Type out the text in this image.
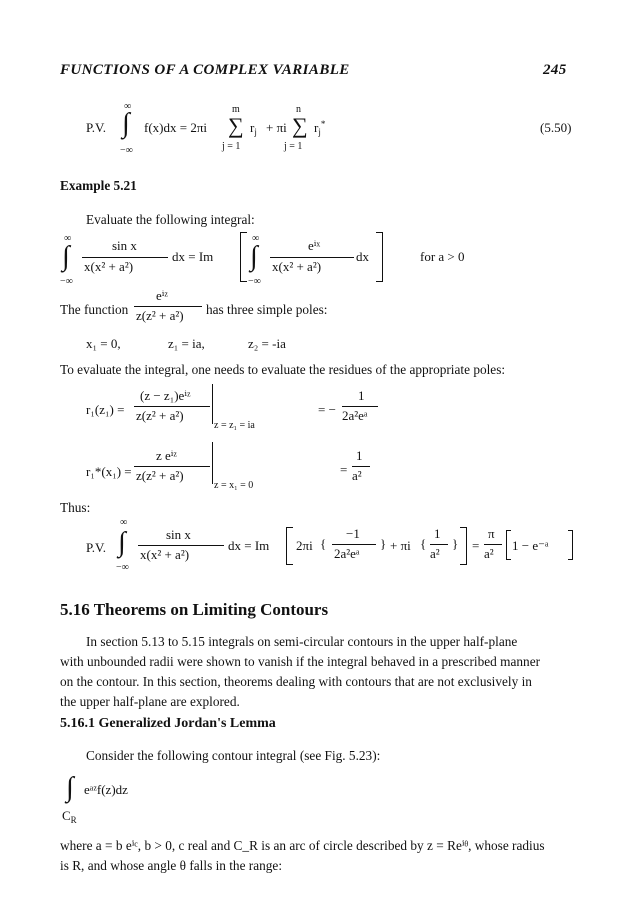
FUNCTIONS OF A COMPLEX VARIABLE	245
P.V.
∞
∫
−∞
f(x)dx = 2πi
m
∑
j = 1
$r_j + \pi i$
n
∑
j = 1
$r_j^*$	(5.50)
Example 5.21
Evaluate the following integral:
∞
∫
−∞
sin x
x(x² + a²)
dx = Im
∞
∫
−∞
eⁱˣ
x(x² + a²)
dx	for a > 0
The function
eⁱᶻ
z(z² + a²) has three simple poles:
x₁ = 0,	z₁ = ia,	z₂ = -ia
To evaluate the integral, one needs to evaluate the residues of the appropriate poles:
r₁(z₁) =
(z − z₁)eⁱᶻ
z(z² + a²)
z = z₁ = ia
= −
1
2a²eᵃ
r₁*(x₁) =
z eⁱᶻ
z(z² + a²)
z = x₁ = 0
=
1
a²
Thus:
P.V.
∞
∫
−∞
sin x
x(x² + a²)
dx = Im 2πi {
−1
2a²eᵃ
} + πi {
1
a²
} =
π
a²
1 − e⁻ᵃ
5.16 Theorems on Limiting Contours
In section 5.13 to 5.15 integrals on semi-circular contours in the upper half-plane
with unbounded radii were shown to vanish if the integral behaved in a prescribed manner
on the contour. In this section, theorems dealing with contours that are not exclusively in
the upper half-plane are explored.
5.16.1 Generalized Jordan's Lemma
Consider the following contour integral (see Fig. 5.23):
∫ eᵃᶻf(z)dz
$C_R$
where a = b eⁱᶜ, b > 0, c real and C_R is an arc of circle described by z = Reⁱᶿ, whose radius
is R, and whose angle θ falls in the range:
